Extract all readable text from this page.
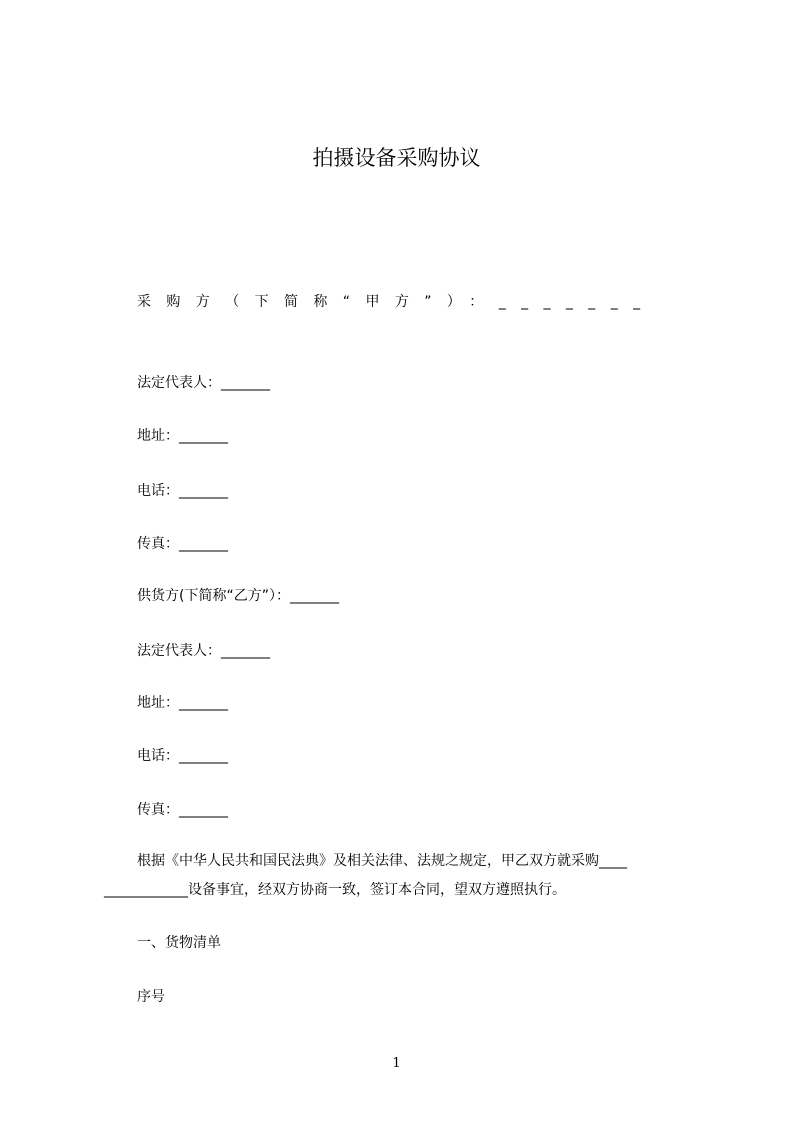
拍摄设备采购协议
采购方（下简称“甲方”）：_______
法定代表人：_______
地址：_______
电话：_______
传真：_______
供货方(下简称“乙方”）：_______
法定代表人：_______
地址：_______
电话：_______
传真：_______
根据《中华人民共和国民法典》及相关法律、法规之规定，甲乙双方就采购____
____________设备事宜，经双方协商一致，签订本合同，望双方遵照执行。
一、货物清单
序号
1
